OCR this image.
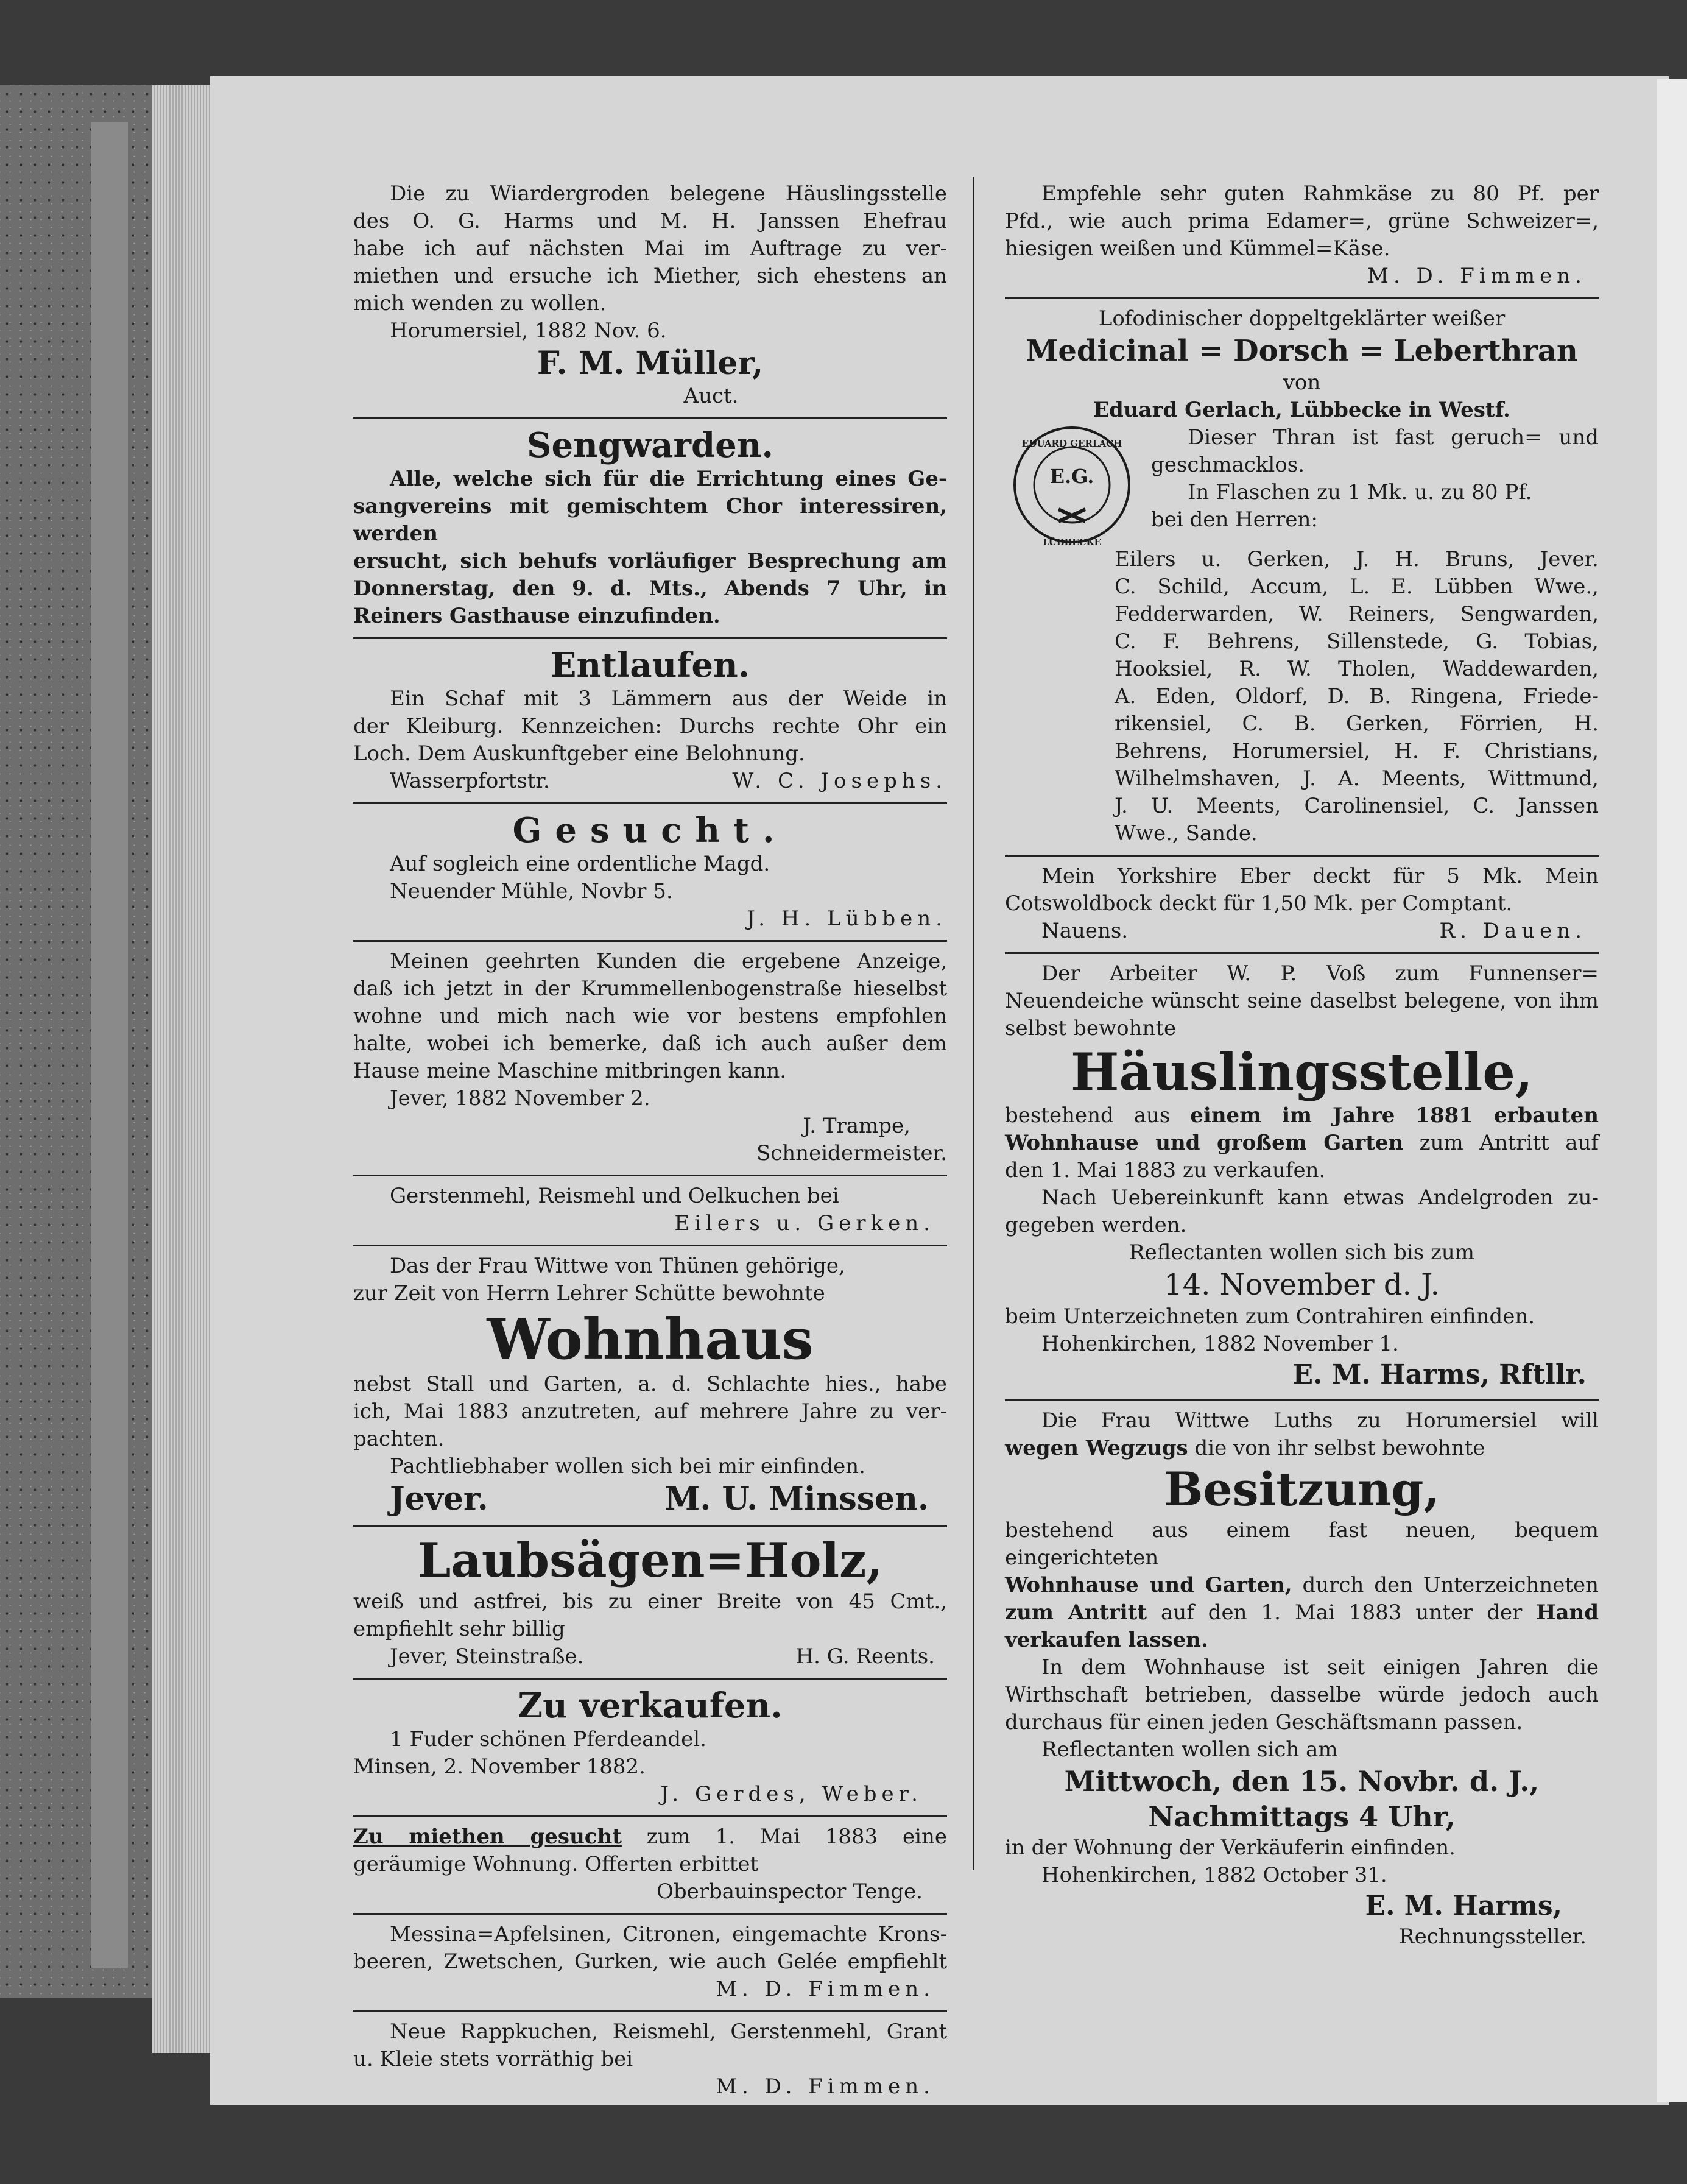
Die zu Wiardergroden belegene Häuslingsstelle

des O. G. Harms und M. H. Janssen Ehefrau

habe ich auf nächsten Mai im Auftrage zu ver-

miethen und ersuche ich Miether, sich ehestens an

mich wenden zu wollen.

Horumersiel, 1882 Nov. 6.

F. M. Müller,

Auct.

Sengwarden.

Alle, welche sich für die Errichtung eines Ge-

sangvereins mit gemischtem Chor interessiren, werden

ersucht, sich behufs vorläufiger Besprechung am

Donnerstag, den 9. d. Mts., Abends 7 Uhr, in

Reiners Gasthause einzufinden.

Entlaufen.

Ein Schaf mit 3 Lämmern aus der Weide in

der Kleiburg. Kennzeichen: Durchs rechte Ohr ein

Loch. Dem Auskunftgeber eine Belohnung.

Wasserpfortstr.	W. C. Josephs.

Gesucht.

Auf sogleich eine ordentliche Magd.

Neuender Mühle, Novbr 5.

J. H. Lübben.

Meinen geehrten Kunden die ergebene Anzeige,

daß ich jetzt in der Krummellenbogenstraße hieselbst

wohne und mich nach wie vor bestens empfohlen

halte, wobei ich bemerke, daß ich auch außer dem

Hause meine Maschine mitbringen kann.

Jever, 1882 November 2.

J. Trampe,

Schneidermeister.

Gerstenmehl, Reismehl und Oelkuchen bei

Eilers u. Gerken.

Das der Frau Wittwe von Thünen gehörige,

zur Zeit von Herrn Lehrer Schütte bewohnte

Wohnhaus

nebst Stall und Garten, a. d. Schlachte hies., habe

ich, Mai 1883 anzutreten, auf mehrere Jahre zu ver-

pachten.

Pachtliebhaber wollen sich bei mir einfinden.

Jever.	M. U. Minssen.

Laubsägen=Holz,

weiß und astfrei, bis zu einer Breite von 45 Cmt.,

empfiehlt sehr billig

Jever, Steinstraße.	H. G. Reents.

Zu verkaufen.

1 Fuder schönen Pferdeandel.

Minsen, 2. November 1882.

J. Gerdes, Weber.

Zu miethen gesucht zum 1. Mai 1883 eine

geräumige Wohnung. Offerten erbittet

Oberbauinspector Tenge.

Messina=Apfelsinen, Citronen, eingemachte Krons-

beeren, Zwetschen, Gurken, wie auch Gelée empfiehlt

M. D. Fimmen.

Neue Rappkuchen, Reismehl, Gerstenmehl, Grant

u. Kleie stets vorräthig bei

M. D. Fimmen.

Empfehle sehr guten Rahmkäse zu 80 Pf. per

Pfd., wie auch prima Edamer=, grüne Schweizer=,

hiesigen weißen und Kümmel=Käse.

M. D. Fimmen.

Lofodinischer doppeltgeklärter weißer

Medicinal = Dorsch = Leberthran

von

Eduard Gerlach, Lübbecke in Westf.

E.G.
EDUARD GERLACH
LÜBBECKE

Dieser Thran ist fast geruch= und

geschmacklos.

In Flaschen zu 1 Mk. u. zu 80 Pf.

bei den Herren:

Eilers u. Gerken, J. H. Bruns, Jever.

C. Schild, Accum, L. E. Lübben Wwe.,

Fedderwarden, W. Reiners, Sengwarden,

C. F. Behrens, Sillenstede, G. Tobias,

Hooksiel, R. W. Tholen, Waddewarden,

A. Eden, Oldorf, D. B. Ringena, Friede-

rikensiel, C. B. Gerken, Förrien, H.

Behrens, Horumersiel, H. F. Christians,

Wilhelmshaven, J. A. Meents, Wittmund,

J. U. Meents, Carolinensiel, C. Janssen

Wwe., Sande.

Mein Yorkshire Eber deckt für 5 Mk. Mein

Cotswoldbock deckt für 1,50 Mk. per Comptant.

Nauens.	R. Dauen.

Der Arbeiter W. P. Voß zum Funnenser=

Neuendeiche wünscht seine daselbst belegene, von ihm

selbst bewohnte

Häuslingsstelle,

bestehend aus einem im Jahre 1881 erbauten

Wohnhause und großem Garten zum Antritt auf

den 1. Mai 1883 zu verkaufen.

Nach Uebereinkunft kann etwas Andelgroden zu-

gegeben werden.

Reflectanten wollen sich bis zum

14. November d. J.

beim Unterzeichneten zum Contrahiren einfinden.

Hohenkirchen, 1882 November 1.

E. M. Harms, Rftllr.

Die Frau Wittwe Luths zu Horumersiel will

wegen Wegzugs die von ihr selbst bewohnte

Besitzung,

bestehend aus einem fast neuen, bequem eingerichteten

Wohnhause und Garten, durch den Unterzeichneten

zum Antritt auf den 1. Mai 1883 unter der Hand

verkaufen lassen.

In dem Wohnhause ist seit einigen Jahren die

Wirthschaft betrieben, dasselbe würde jedoch auch

durchaus für einen jeden Geschäftsmann passen.

Reflectanten wollen sich am

Mittwoch, den 15. Novbr. d. J.,

Nachmittags 4 Uhr,

in der Wohnung der Verkäuferin einfinden.

Hohenkirchen, 1882 October 31.

E. M. Harms,

Rechnungssteller.
